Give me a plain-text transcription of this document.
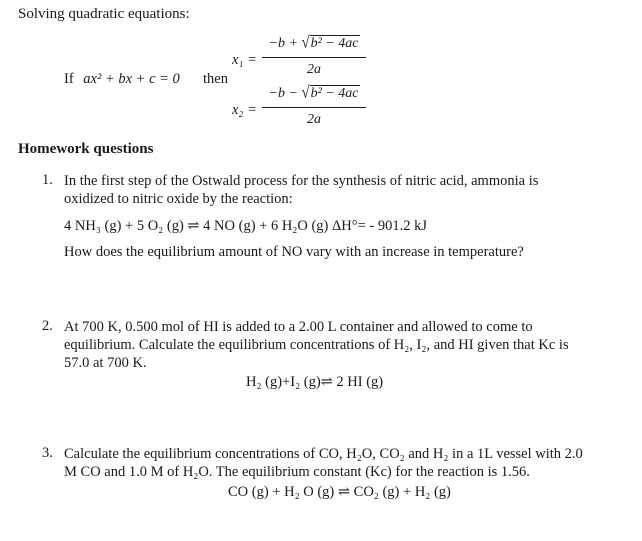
Solving quadratic equations:
If ax² + bx + c = 0 then
x₁ =
−b + √b² − 4ac
2a
x₂ =
−b − √b² − 4ac
2a
Homework questions
1. In the first step of the Ostwald process for the synthesis of nitric acid, ammonia is
oxidized to nitric oxide by the reaction:
4 NH₃ (g) + 5 O₂ (g) ⇌ 4 NO (g) + 6 H₂O (g) ΔH°= - 901.2 kJ
How does the equilibrium amount of NO vary with an increase in temperature?
2. At 700 K, 0.500 mol of HI is added to a 2.00 L container and allowed to come to
equilibrium. Calculate the equilibrium concentrations of H₂, I₂, and HI given that Kc is
57.0 at 700 K.
H₂ (g)+I₂ (g)⇌ 2 HI (g)
3. Calculate the equilibrium concentrations of CO, H₂O, CO₂ and H₂ in a 1L vessel with 2.0
M CO and 1.0 M of H₂O. The equilibrium constant (Kc) for the reaction is 1.56.
CO (g) + H₂ O (g) ⇌ CO₂ (g) + H₂ (g)
